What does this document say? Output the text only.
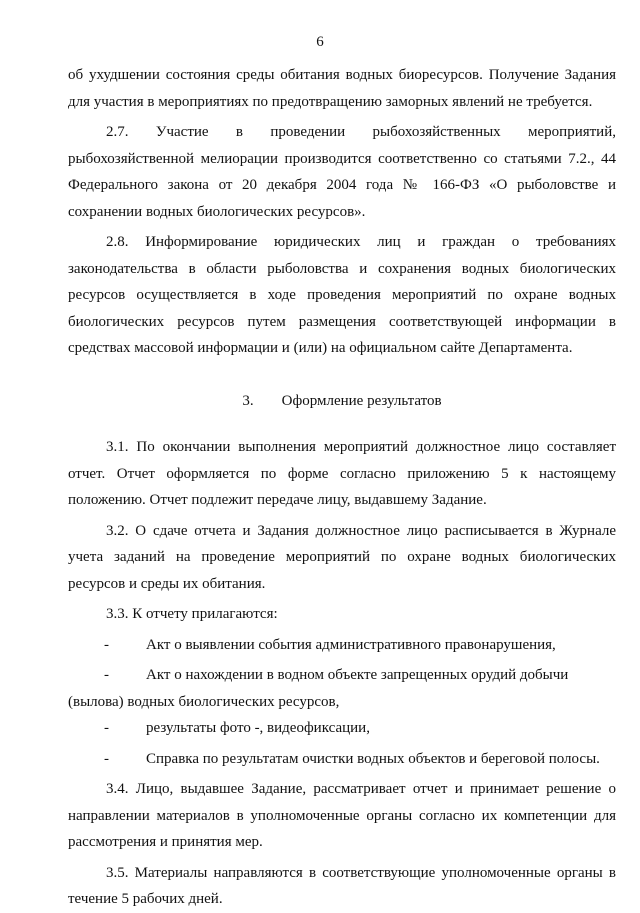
6

об ухудшении состояния среды обитания водных биоресурсов. Получение Задания для участия в мероприятиях по предотвращению заморных явлений не требуется.

2.7. Участие в проведении рыбохозяйственных мероприятий, рыбохозяйственной мелиорации производится соответственно со статьями 7.2., 44 Федерального закона от 20 декабря 2004 года № 166-ФЗ «О рыболовстве и сохранении водных биологических ресурсов».

2.8. Информирование юридических лиц и граждан о требованиях законодательства в области рыболовства и сохранения водных биологических ресурсов осуществляется в ходе проведения мероприятий по охране водных биологических ресурсов путем размещения соответствующей информации в средствах массовой информации и (или) на официальном сайте Департамента.

3. Оформление результатов

3.1. По окончании выполнения мероприятий должностное лицо составляет отчет. Отчет оформляется по форме согласно приложению 5 к настоящему положению. Отчет подлежит передаче лицу, выдавшему Задание.

3.2. О сдаче отчета и Задания должностное лицо расписывается в Журнале учета заданий на проведение мероприятий по охране водных биологических ресурсов и среды их обитания.

3.3. К отчету прилагаются:

-	Акт о выявлении события административного правонарушения,
-	Акт о нахождении в водном объекте запрещенных орудий добычи
(вылова) водных биологических ресурсов,
-	результаты фото -, видеофиксации,
-	Справка по результатам очистки водных объектов и береговой полосы.

3.4. Лицо, выдавшее Задание, рассматривает отчет и принимает решение о направлении материалов в уполномоченные органы согласно их компетенции для рассмотрения и принятия мер.

3.5. Материалы направляются в соответствующие уполномоченные органы в течение 5 рабочих дней.
